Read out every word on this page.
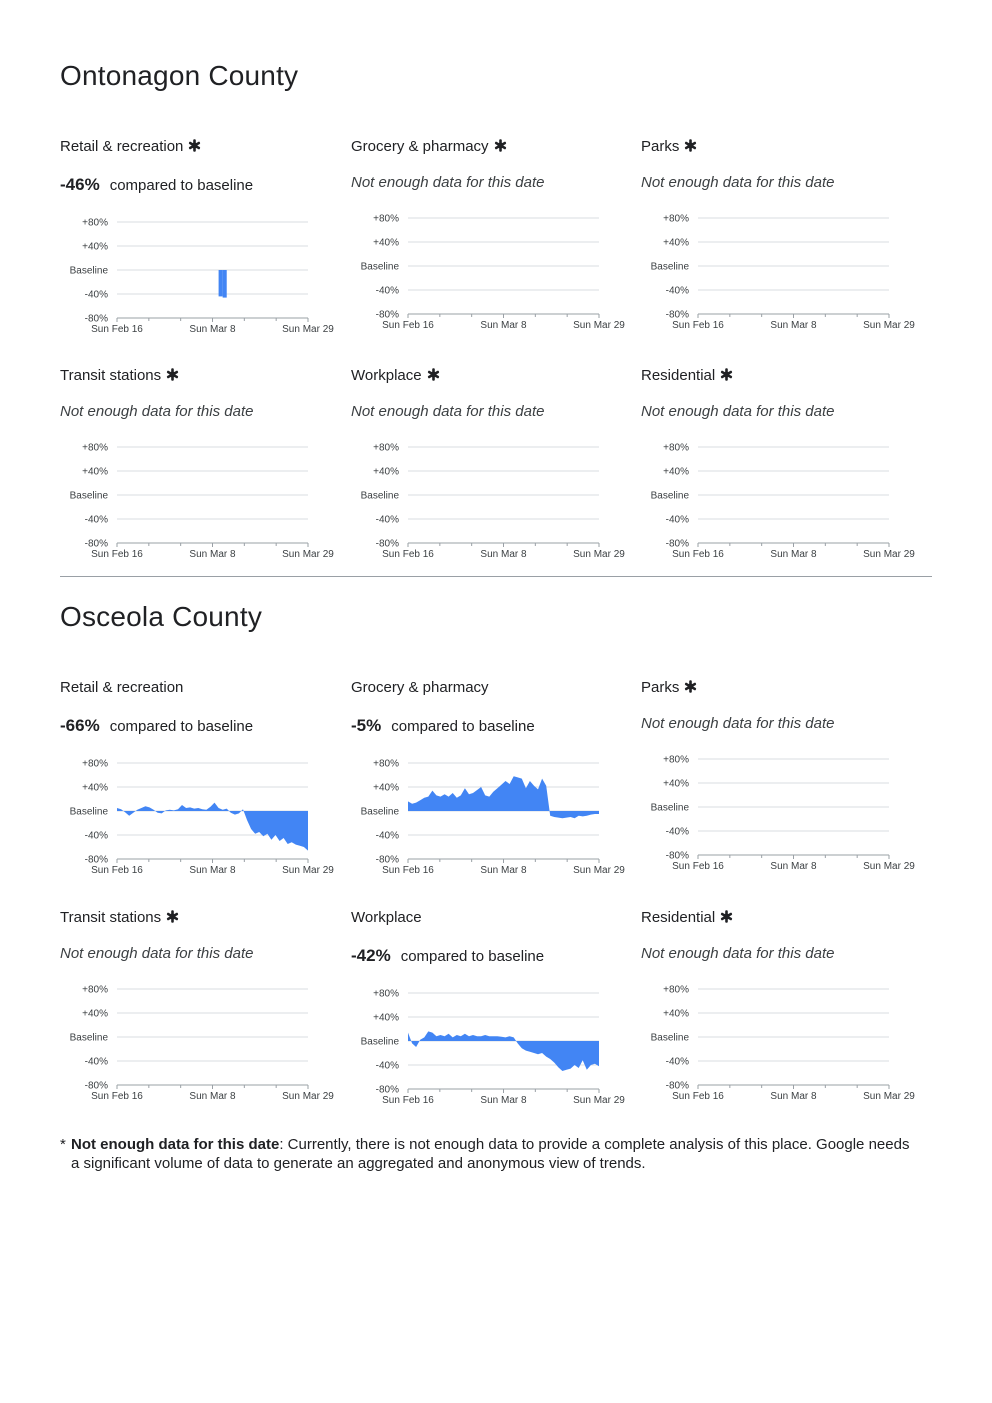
Ontonagon County
Retail & recreation
-46% compared to baseline
+80%
+40%
Baseline
-40%
-80%
Sun Feb 16	Sun Mar 8	Sun Mar 29
Grocery & pharmacy
Not enough data for this date
+80%
+40%
Baseline
-40%
-80%
Sun Feb 16	Sun Mar 8	Sun Mar 29
Parks
Not enough data for this date
+80%
+40%
Baseline
-40%
-80%
Sun Feb 16	Sun Mar 8	Sun Mar 29
Transit stations
Not enough data for this date
+80%
+40%
Baseline
-40%
-80%
Sun Feb 16	Sun Mar 8	Sun Mar 29
Workplace
Not enough data for this date
+80%
+40%
Baseline
-40%
-80%
Sun Feb 16	Sun Mar 8	Sun Mar 29
Residential
Not enough data for this date
+80%
+40%
Baseline
-40%
-80%
Sun Feb 16	Sun Mar 8	Sun Mar 29
Osceola County
Retail & recreation
-66% compared to baseline
+80%
+40%
Baseline
-40%
-80%
Sun Feb 16	Sun Mar 8	Sun Mar 29
Grocery & pharmacy
-5% compared to baseline
+80%
+40%
Baseline
-40%
-80%
Sun Feb 16	Sun Mar 8	Sun Mar 29
Parks
Not enough data for this date
+80%
+40%
Baseline
-40%
-80%
Sun Feb 16	Sun Mar 8	Sun Mar 29
Transit stations
Not enough data for this date
+80%
+40%
Baseline
-40%
-80%
Sun Feb 16	Sun Mar 8	Sun Mar 29
Workplace
-42% compared to baseline
+80%
+40%
Baseline
-40%
-80%
Sun Feb 16	Sun Mar 8	Sun Mar 29
Residential
Not enough data for this date
+80%
+40%
Baseline
-40%
-80%
Sun Feb 16	Sun Mar 8	Sun Mar 29
* Not enough data for this date: Currently, there is not enough data to provide a complete analysis of this place. Google needs a significant volume of data to generate an aggregated and anonymous view of trends.
